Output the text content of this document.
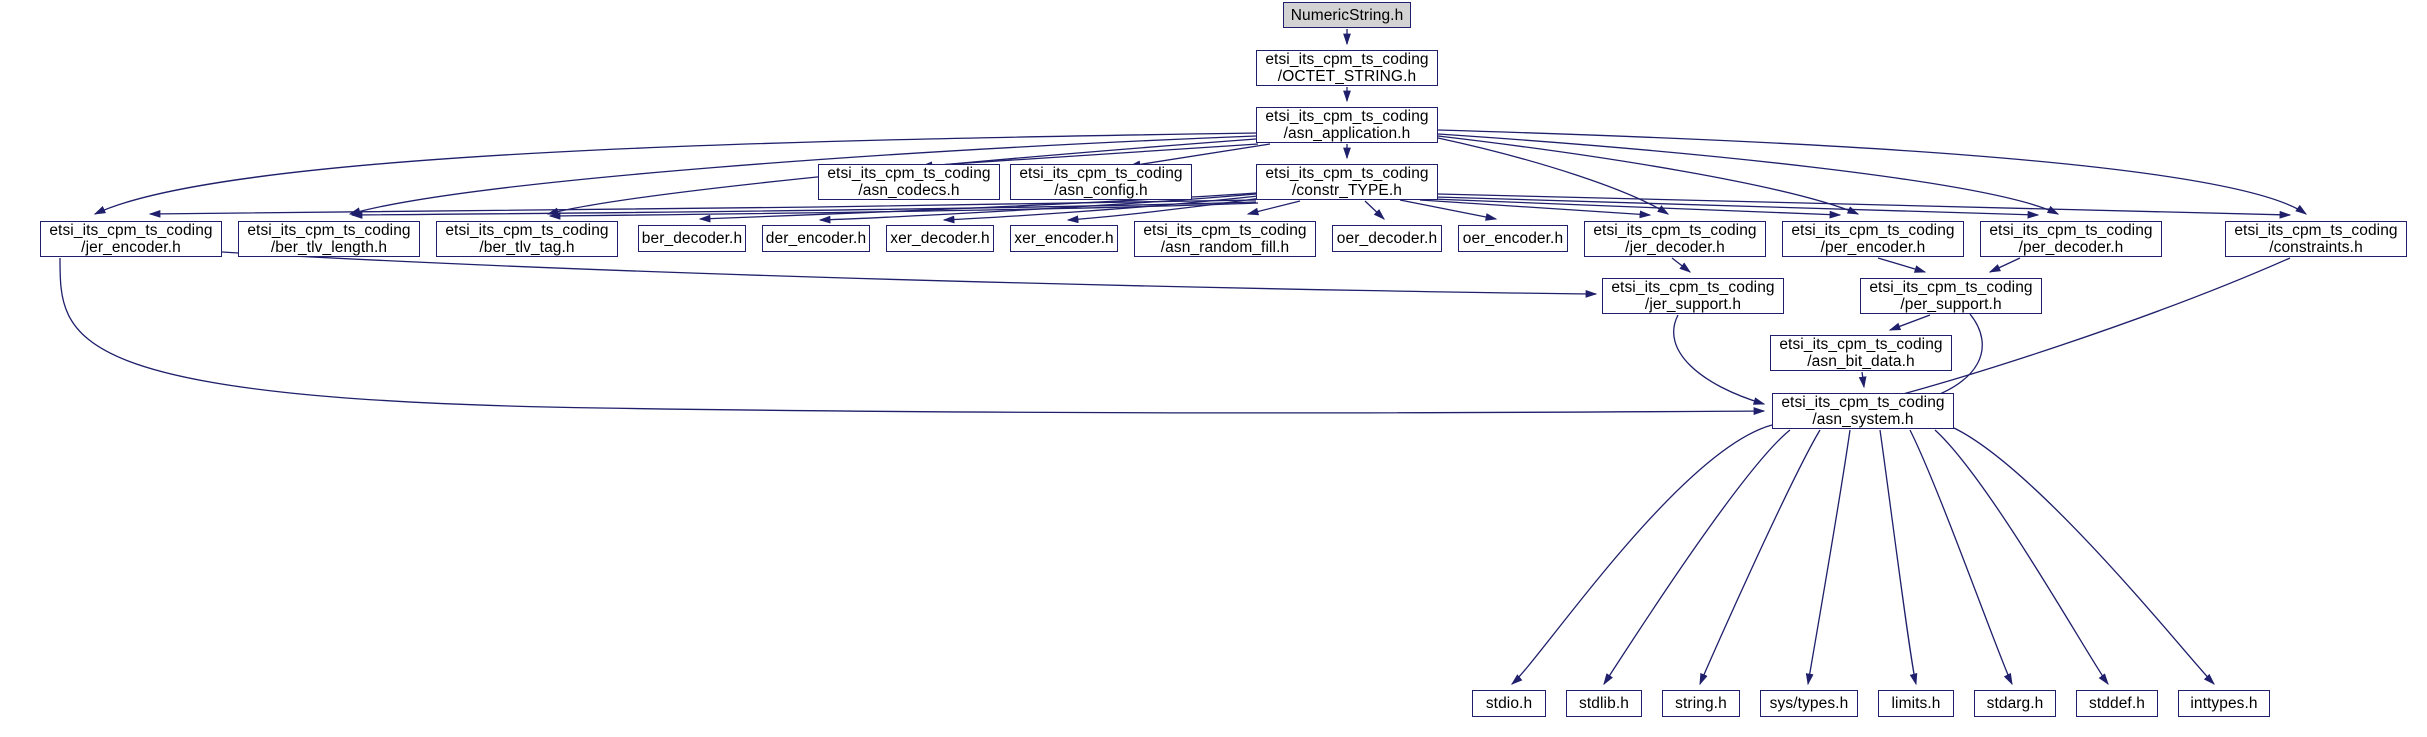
NumericString.h
etsi_its_cpm_ts_coding
/OCTET_STRING.h
etsi_its_cpm_ts_coding
/asn_application.h
etsi_its_cpm_ts_coding
/asn_codecs.h
etsi_its_cpm_ts_coding
/asn_config.h
etsi_its_cpm_ts_coding
/constr_TYPE.h
etsi_its_cpm_ts_coding
/jer_encoder.h
etsi_its_cpm_ts_coding
/ber_tlv_length.h
etsi_its_cpm_ts_coding
/ber_tlv_tag.h
ber_decoder.h der_encoder.h xer_decoder.h xer_encoder.h etsi_its_cpm_ts_coding
/asn_random_fill.h
oer_decoder.h oer_encoder.h etsi_its_cpm_ts_coding
/jer_decoder.h
etsi_its_cpm_ts_coding
/per_encoder.h
etsi_its_cpm_ts_coding
/per_decoder.h
etsi_its_cpm_ts_coding
/constraints.h
etsi_its_cpm_ts_coding
/jer_support.h
etsi_its_cpm_ts_coding
/per_support.h
etsi_its_cpm_ts_coding
/asn_bit_data.h
etsi_its_cpm_ts_coding
/asn_system.h
stdio.h	stdlib.h	string.h	sys/types.h	limits.h	stdarg.h	stddef.h	inttypes.h
